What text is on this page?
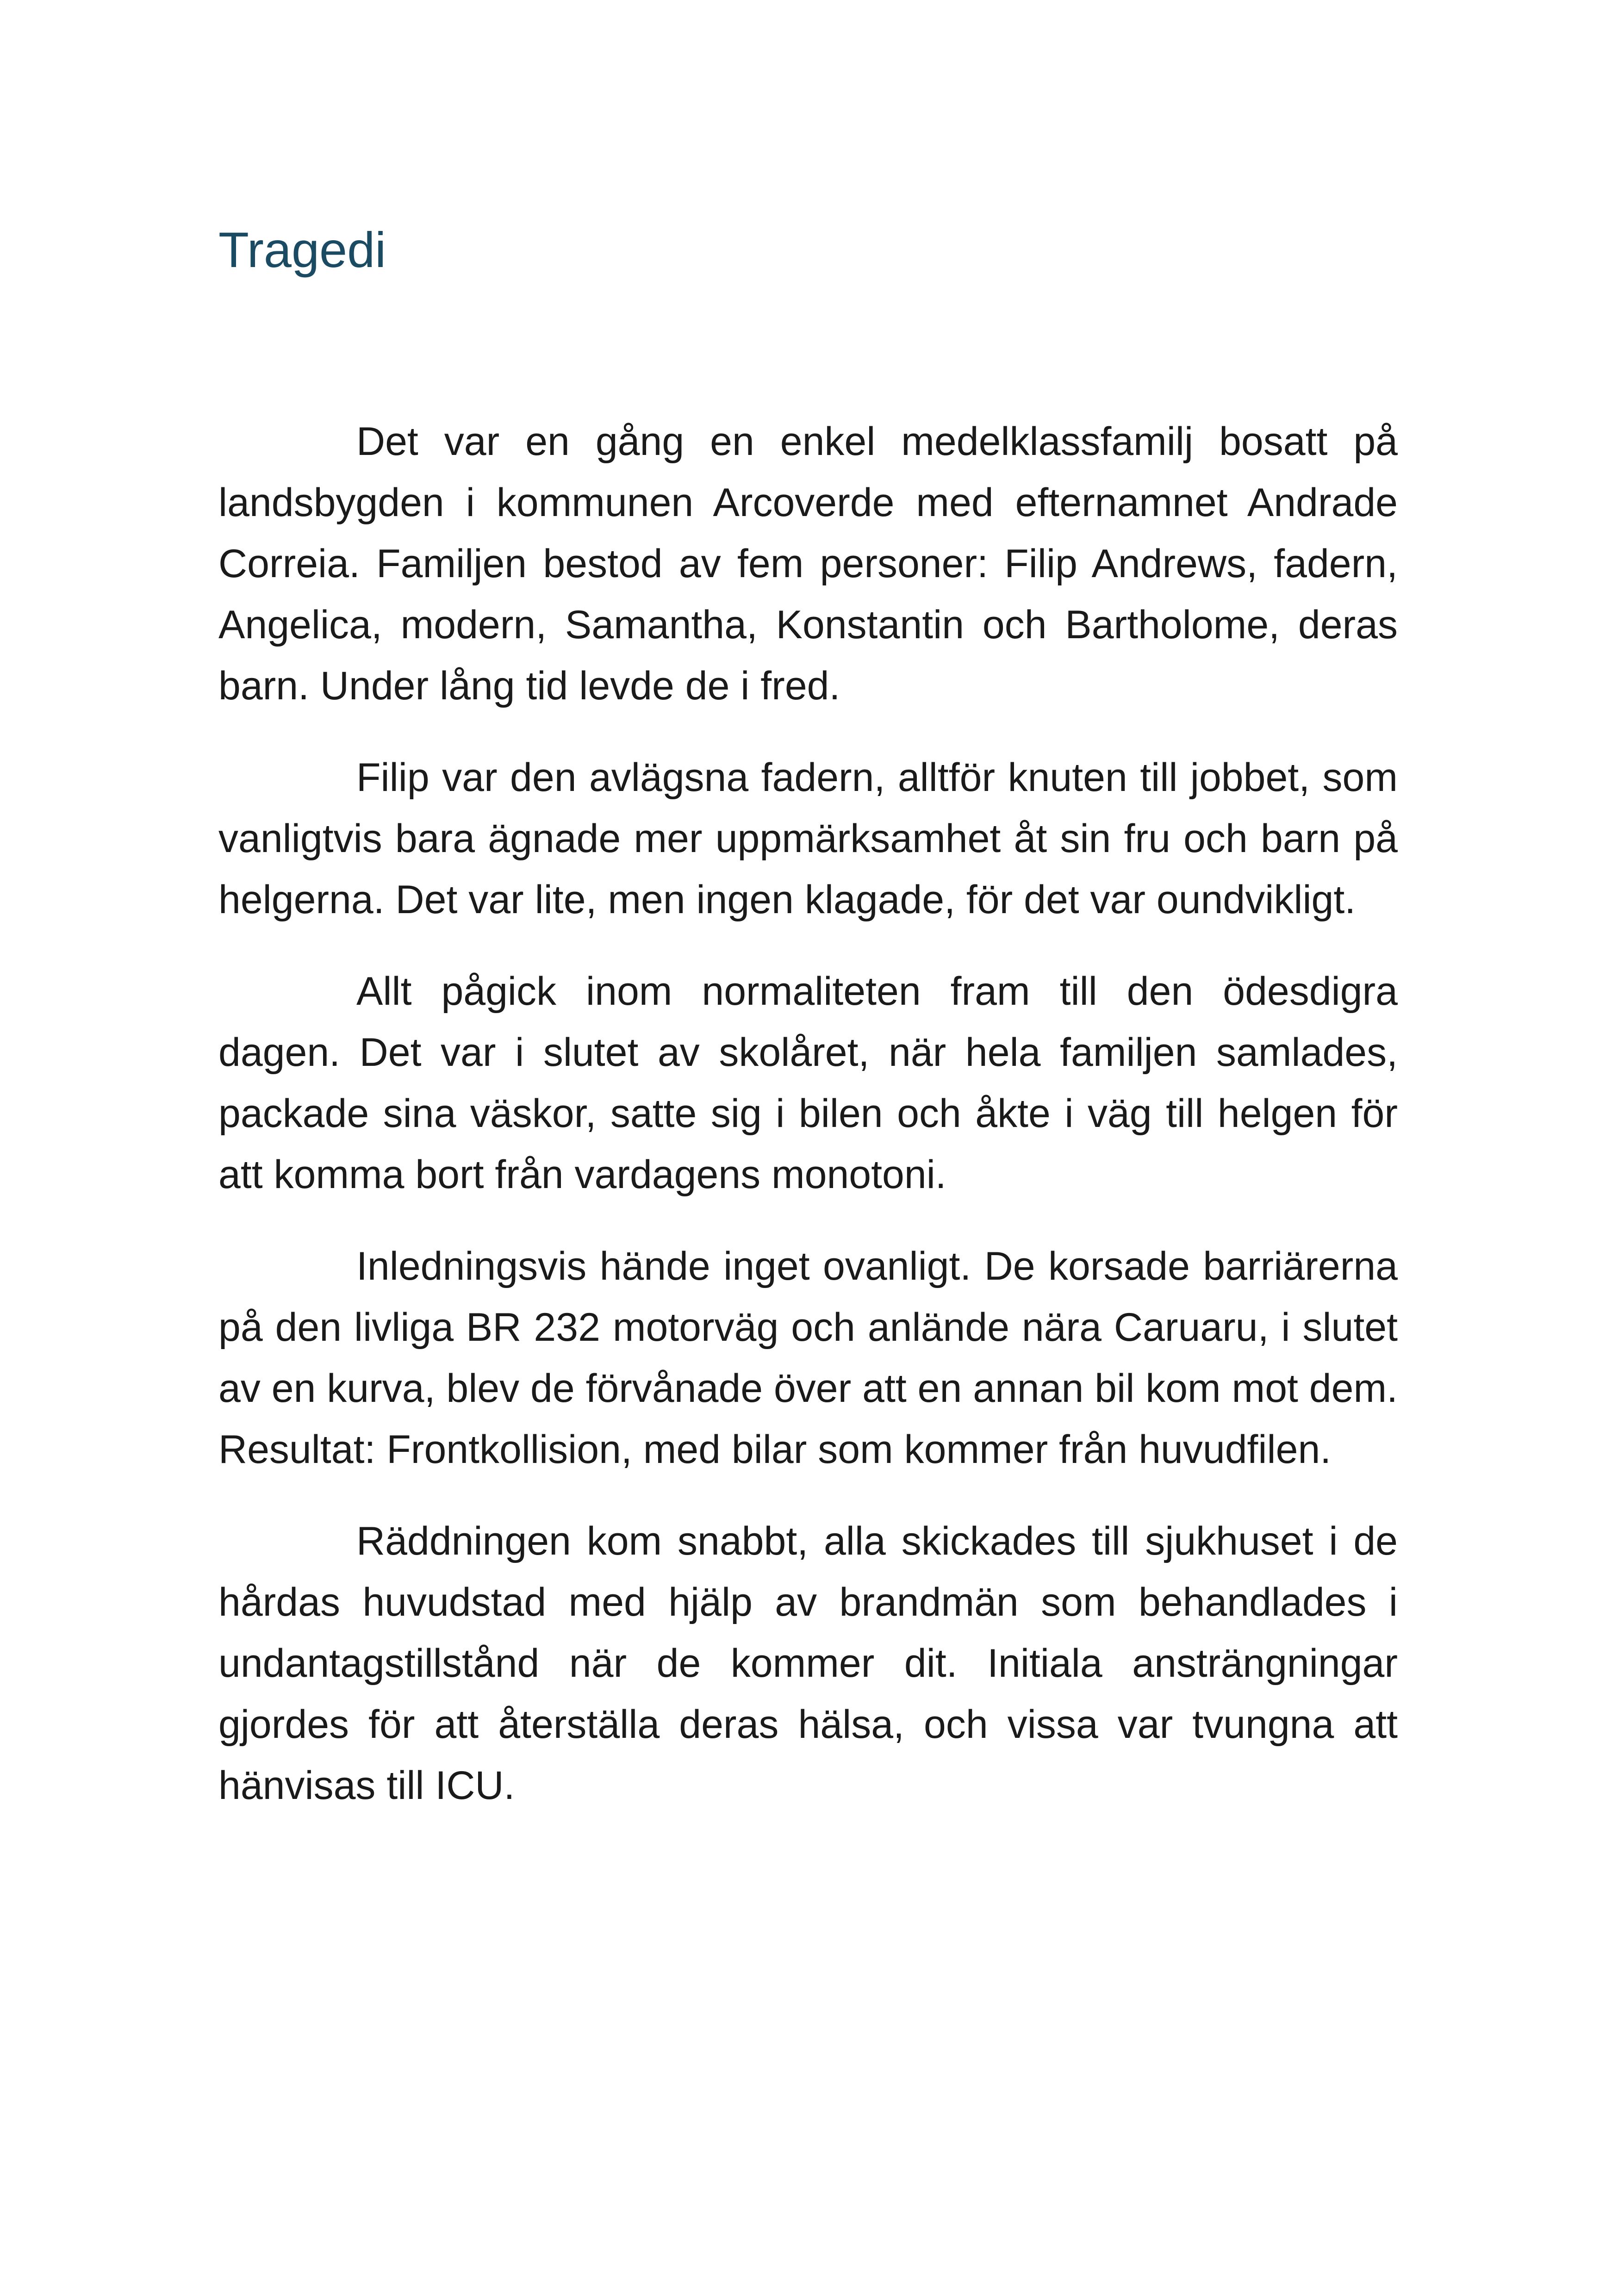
Tragedi

Det var en gång en enkel medelklassfamilj bosatt på landsbygden i kommunen Arcoverde med efternamnet Andrade Correia. Familjen bestod av fem personer: Filip Andrews, fadern, Angelica, modern, Samantha, Konstantin och Bartholome, deras barn. Under lång tid levde de i fred.

Filip var den avlägsna fadern, alltför knuten till jobbet, som vanligtvis bara ägnade mer uppmärksamhet åt sin fru och barn på helgerna. Det var lite, men ingen klagade, för det var oundvikligt.

Allt pågick inom normaliteten fram till den ödesdigra dagen. Det var i slutet av skolåret, när hela familjen samlades, packade sina väskor, satte sig i bilen och åkte i väg till helgen för att komma bort från vardagens monotoni.

Inledningsvis hände inget ovanligt. De korsade barriärerna på den livliga BR 232 motorväg och anlände nära Caruaru, i slutet av en kurva, blev de förvånade över att en annan bil kom mot dem. Resultat: Frontkollision, med bilar som kommer från huvudfilen.

Räddningen kom snabbt, alla skickades till sjukhuset i de hårdas huvudstad med hjälp av brandmän som behandlades i undantagstillstånd när de kommer dit. Initiala ansträngningar gjordes för att återställa deras hälsa, och vissa var tvungna att hänvisas till ICU.
